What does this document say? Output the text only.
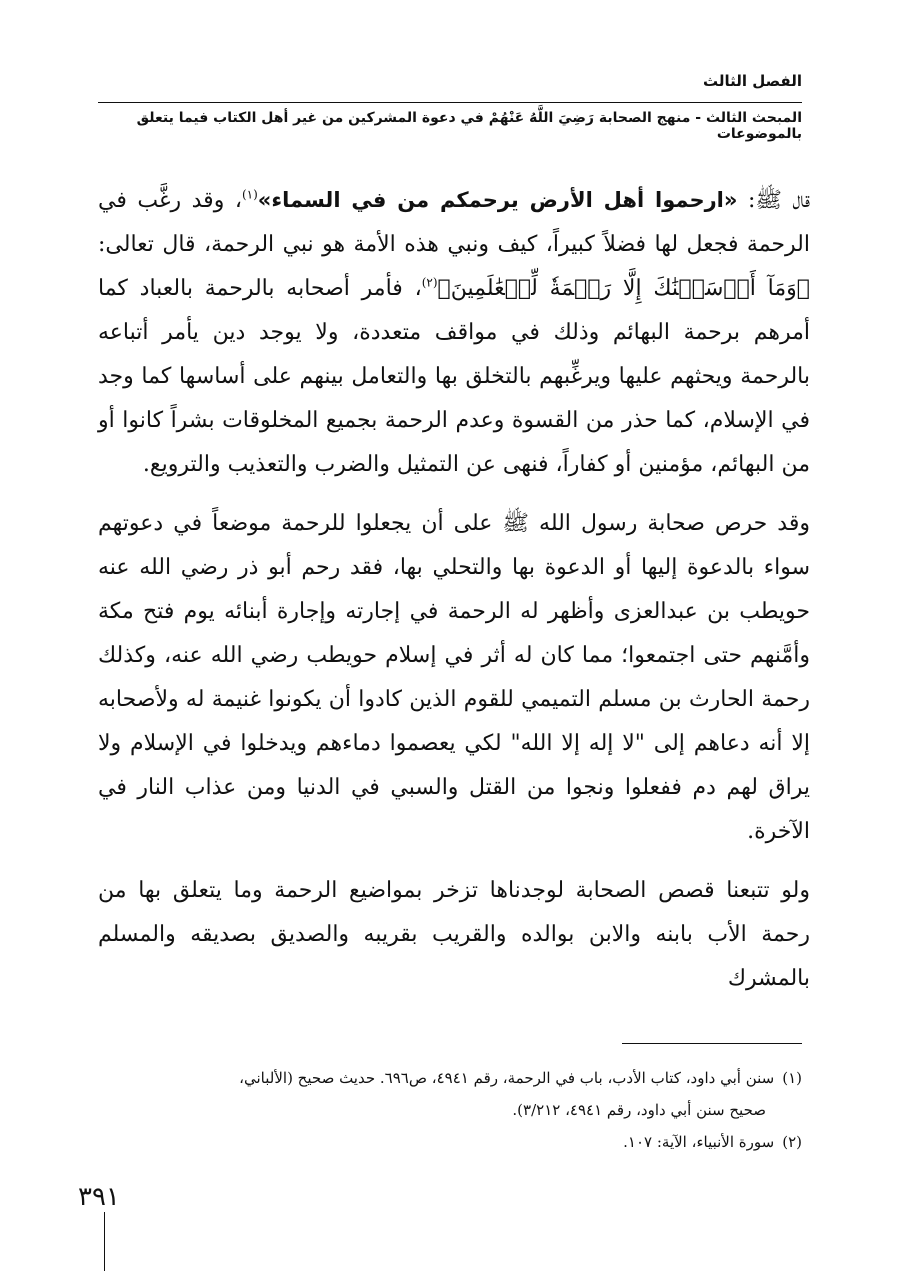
الفصل الثالث
المبحث الثالث - منهج الصحابة رَضِيَ اللَّهُ عَنْهُمْ في دعوة المشركين من غير أهل الكتاب فيما يتعلق بالموضوعات

قال ﷺ: «ارحموا أهل الأرض يرحمكم من في السماء»$^{(١)}$، وقد رغَّب في الرحمة فجعل لها فضلاً كبيراً، كيف ونبي هذه الأمة هو نبي الرحمة، قال تعالى: ﴿وَمَآ أَرۡسَلۡنَٰكَ إِلَّا رَحۡمَةٗ لِّلۡعَٰلَمِينَ﴾$^{(٢)}$، فأمر أصحابه بالرحمة بالعباد كما أمرهم برحمة البهائم وذلك في مواقف متعددة، ولا يوجد دين يأمر أتباعه بالرحمة ويحثهم عليها ويرغِّبهم بالتخلق بها والتعامل بينهم على أساسها كما وجد في الإسلام، كما حذر من القسوة وعدم الرحمة بجميع المخلوقات بشراً كانوا أو من البهائم، مؤمنين أو كفاراً، فنهى عن التمثيل والضرب والتعذيب والترويع.

وقد حرص صحابة رسول الله ﷺ على أن يجعلوا للرحمة موضعاً في دعوتهم سواء بالدعوة إليها أو الدعوة بها والتحلي بها، فقد رحم أبو ذر رضي الله عنه حويطب بن عبدالعزى وأظهر له الرحمة في إجارته وإجارة أبنائه يوم فتح مكة وأمَّنهم حتى اجتمعوا؛ مما كان له أثر في إسلام حويطب رضي الله عنه، وكذلك رحمة الحارث بن مسلم التميمي للقوم الذين كادوا أن يكونوا غنيمة له ولأصحابه إلا أنه دعاهم إلى "لا إله إلا الله" لكي يعصموا دماءهم ويدخلوا في الإسلام ولا يراق لهم دم ففعلوا ونجوا من القتل والسبي في الدنيا ومن عذاب النار في الآخرة.

ولو تتبعنا قصص الصحابة لوجدناها تزخر بمواضيع الرحمة وما يتعلق بها من رحمة الأب بابنه والابن بوالده والقريب بقريبه والصديق بصديقه والمسلم بالمشرك

(١)سنن أبي داود، كتاب الأدب، باب في الرحمة، رقم ٤٩٤١، ص٦٩٦. حديث صحيح (الألباني،

صحيح سنن أبي داود، رقم ٤٩٤١، ٣/٢١٢).

(٢)سورة الأنبياء، الآية: ١٠٧.

٣٩١
